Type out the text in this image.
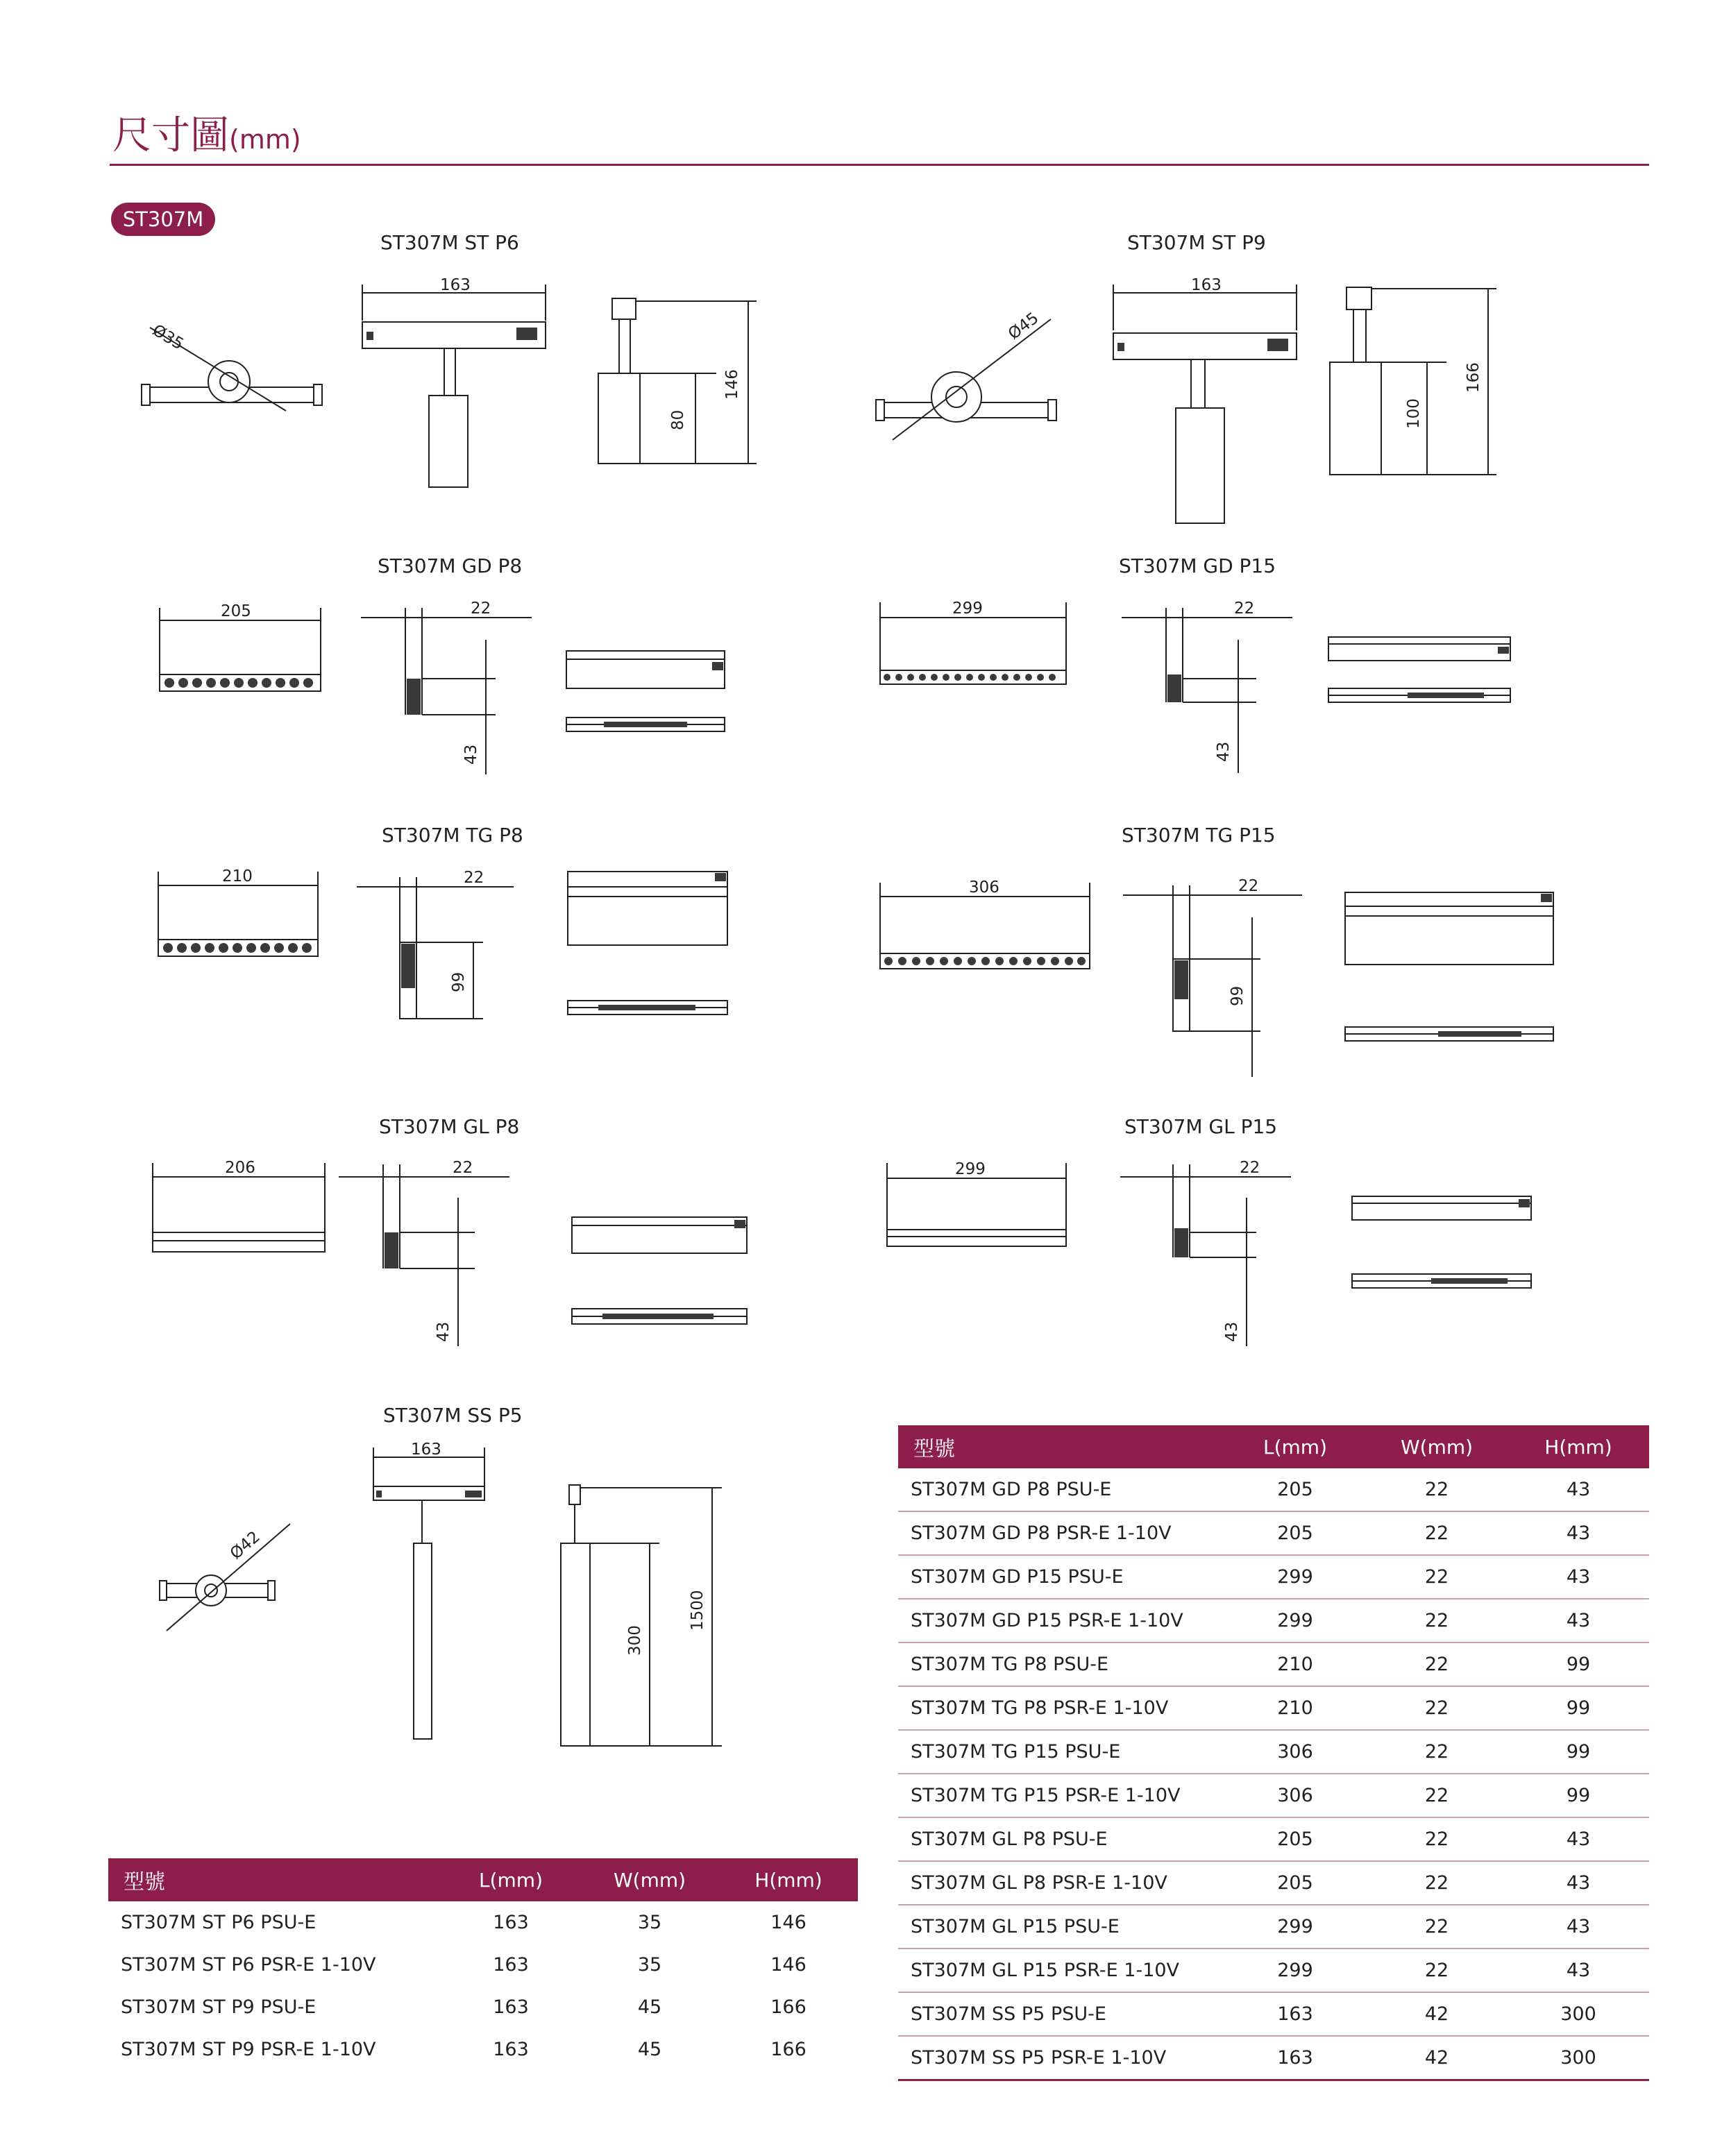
尺寸圖(mm)
ST307M
ST307M ST P6
Ø35
163
80
146
ST307M ST P9
Ø45
163
100
166
ST307M GD P8
205	22
43
ST307M GD P15
299	22
43
ST307M TG P8
210	22
99
ST307M TG P15
306	22
99
ST307M GL P8
206	22
43
ST307M GL P15
299	22
43
ST307M SS P5
Ø42
163
300
1500
型號	L(mm)	W(mm)	H(mm)
ST307M ST P6 PSU-E	163	35	146
ST307M ST P6 PSR-E 1-10V	163	35	146
ST307M ST P9 PSU-E	163	45	166
ST307M ST P9 PSR-E 1-10V	163	45	166
型號	L(mm)	W(mm)	H(mm)
ST307M GD P8 PSU-E	205	22	43
ST307M GD P8 PSR-E 1-10V	205	22	43
ST307M GD P15 PSU-E	299	22	43
ST307M GD P15 PSR-E 1-10V	299	22	43
ST307M TG P8 PSU-E	210	22	99
ST307M TG P8 PSR-E 1-10V	210	22	99
ST307M TG P15 PSU-E	306	22	99
ST307M TG P15 PSR-E 1-10V	306	22	99
ST307M GL P8 PSU-E	205	22	43
ST307M GL P8 PSR-E 1-10V	205	22	43
ST307M GL P15 PSU-E	299	22	43
ST307M GL P15 PSR-E 1-10V	299	22	43
ST307M SS P5 PSU-E	163	42	300
ST307M SS P5 PSR-E 1-10V	163	42	300
